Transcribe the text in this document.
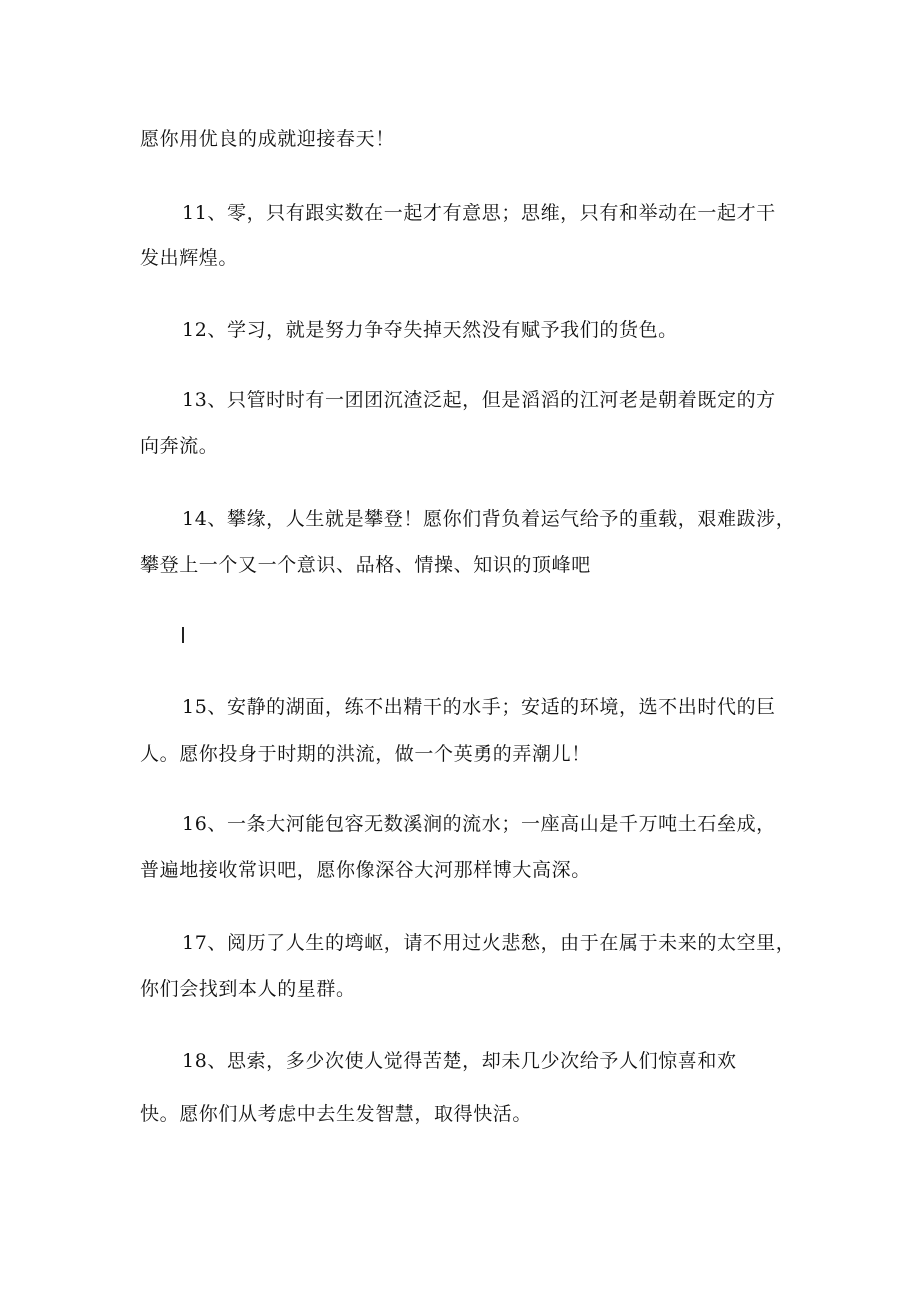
愿你用优良的成就迎接春天！
11、零，只有跟实数在一起才有意思；思维，只有和举动在一起才干
发出辉煌。
12、学习，就是努力争夺失掉天然没有赋予我们的货色。
13、只管时时有一团团沉渣泛起，但是滔滔的江河老是朝着既定的方
向奔流。
14、攀缘，人生就是攀登！愿你们背负着运气给予的重载，艰难跋涉，
攀登上一个又一个意识、品格、情操、知识的顶峰吧
15、安静的湖面，练不出精干的水手；安适的环境，选不出时代的巨
人。愿你投身于时期的洪流，做一个英勇的弄潮儿！
16、一条大河能包容无数溪涧的流水；一座高山是千万吨土石垒成，
普遍地接收常识吧，愿你像深谷大河那样博大高深。
17、阅历了人生的塆岖，请不用过火悲愁，由于在属于未来的太空里，
你们会找到本人的星群。
18、思索，多少次使人觉得苦楚，却未几少次给予人们惊喜和欢
快。愿你们从考虑中去生发智慧，取得快活。
